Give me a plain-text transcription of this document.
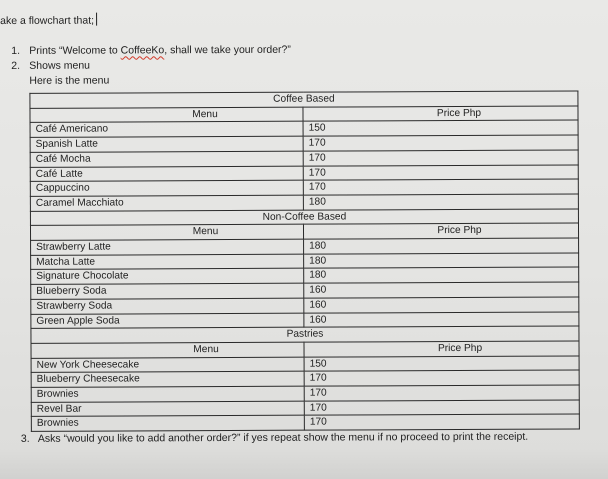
ake a flowchart that;
1. Prints “Welcome to CoffeeKo, shall we take your order?”
2. Shows menu
Here is the menu
Coffee Based	
Menu	Price Php
Café Americano	150
Spanish Latte	170
Café Mocha	170
Café Latte	170
Cappuccino	170
Caramel Macchiato	180
Non-Coffee Based	
Menu	Price Php
Strawberry Latte	180
Matcha Latte	180
Signature Chocolate	180
Blueberry Soda	160
Strawberry Soda	160
Green Apple Soda	160
Pastries	
Menu	Price Php
New York Cheesecake	150
Blueberry Cheesecake	170
Brownies	170
Revel Bar	170
Brownies	170
3. Asks “would you like to add another order?” if yes repeat show the menu if no proceed to print the receipt.
